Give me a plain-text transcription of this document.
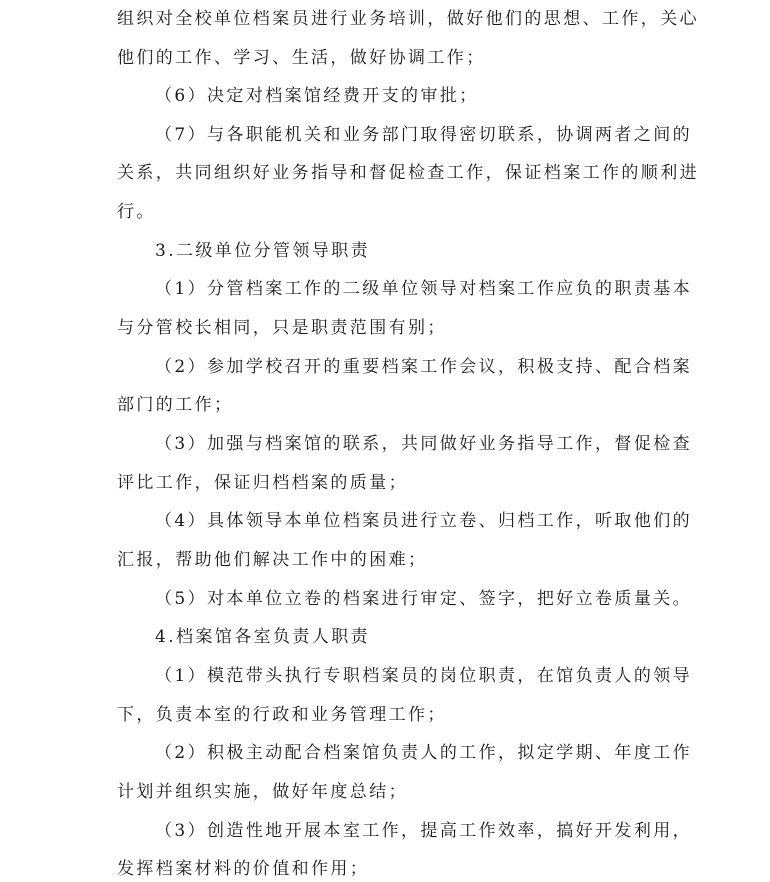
组织对全校单位档案员进行业务培训，做好他们的思想、工作，关心
他们的工作、学习、生活，做好协调工作；
（6）决定对档案馆经费开支的审批；
（7）与各职能机关和业务部门取得密切联系，协调两者之间的
关系，共同组织好业务指导和督促检查工作，保证档案工作的顺利进
行。
3.二级单位分管领导职责
（1）分管档案工作的二级单位领导对档案工作应负的职责基本
与分管校长相同，只是职责范围有别；
（2）参加学校召开的重要档案工作会议，积极支持、配合档案
部门的工作；
（3）加强与档案馆的联系，共同做好业务指导工作，督促检查
评比工作，保证归档档案的质量；
（4）具体领导本单位档案员进行立卷、归档工作，听取他们的
汇报，帮助他们解决工作中的困难；
（5）对本单位立卷的档案进行审定、签字，把好立卷质量关。
4.档案馆各室负责人职责
（1）模范带头执行专职档案员的岗位职责，在馆负责人的领导
下，负责本室的行政和业务管理工作；
（2）积极主动配合档案馆负责人的工作，拟定学期、年度工作
计划并组织实施，做好年度总结；
（3）创造性地开展本室工作，提高工作效率，搞好开发利用，
发挥档案材料的价值和作用；
